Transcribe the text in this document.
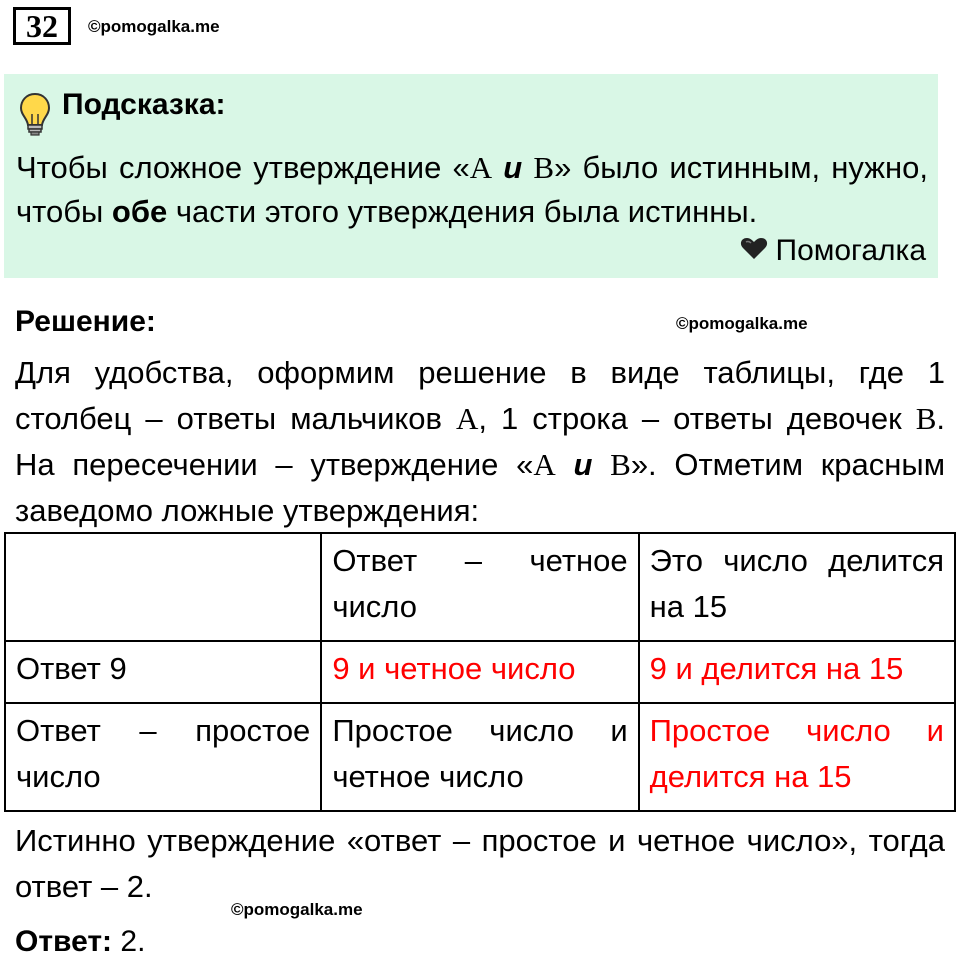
32	©pomogalka.me
Подсказка:
Чтобы сложное утверждение «A и B» было истинным, нужно, чтобы обе части этого утверждения была истинны.
Помогалка
Решение:	©pomogalka.me
Для удобства, оформим решение в виде таблицы, где 1
столбец – ответы мальчиков A, 1 строка – ответы девочек B.
На пересечении – утверждение «A и B». Отметим красным
заведомо ложные утверждения:
	Ответ – четное число	Это число делится на 15
Ответ 9	9 и четное число	9 и делится на 15
Ответ – простое число	Простое число и четное число	Простое число и делится на 15
Истинно утверждение «ответ – простое и четное число», тогда ответ – 2.
©pomogalka.me
Ответ: 2.
